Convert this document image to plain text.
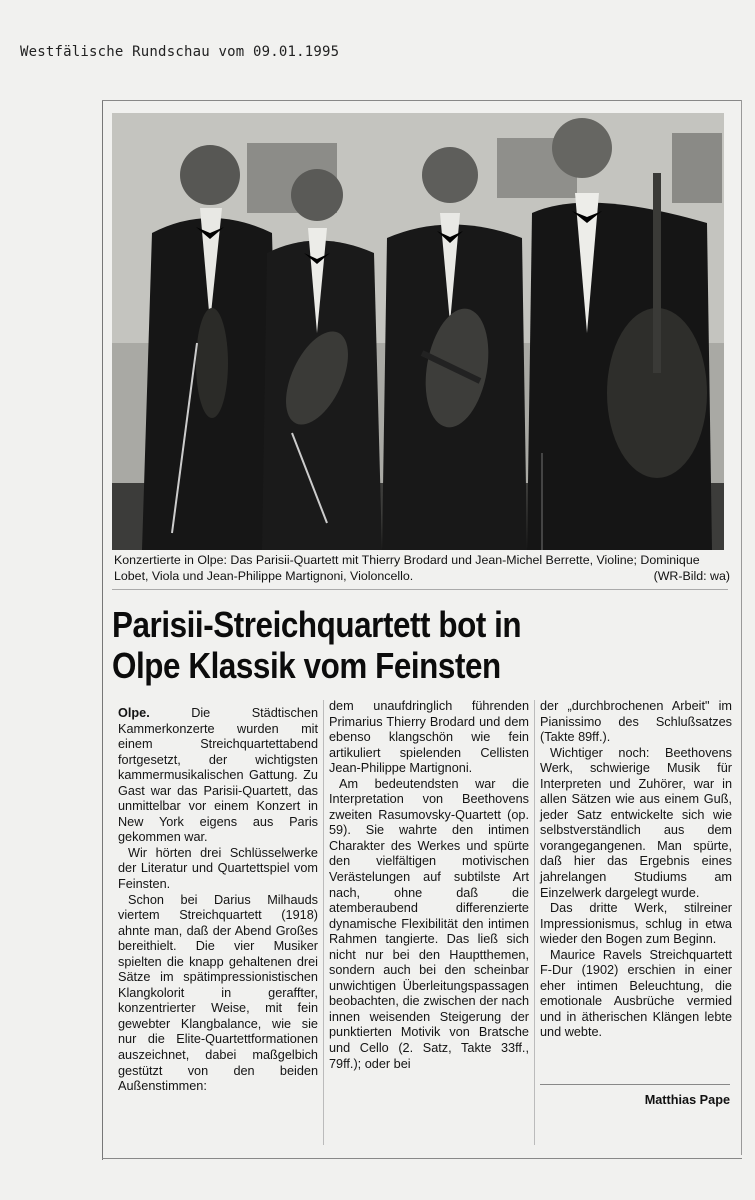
Westfälische Rundschau vom 09.01.1995
Konzertierte in Olpe: Das Parisii-Quartett mit Thierry Brodard und Jean-Michel Berrette, Violine; Dominique Lobet, Viola und Jean-Philippe Martignoni, Violoncello.	(WR-Bild: wa)
Parisii-Streichquartett bot in
Olpe Klassik vom Feinsten

Olpe.	Die Städtischen Kammerkonzerte wurden mit einem Streichquartettabend fortgesetzt, der wichtigsten kammermusikalischen Gattung. Zu Gast war das Parisii-Quartett, das unmittelbar vor einem Konzert in New York eigens aus Paris gekommen war.

Wir hörten drei Schlüsselwerke der Literatur und Quartettspiel vom Feinsten.

Schon bei Darius Milhauds viertem Streichquartett (1918) ahnte man, daß der Abend Großes bereithielt. Die vier Musiker spielten die knapp gehaltenen drei Sätze im spätimpressionistischen Klangkolorit in geraffter, konzentrierter Weise, mit fein gewebter Klangbalance, wie sie nur die Elite-Quartettformationen auszeichnet, dabei maßgelbich gestützt von den beiden Außenstimmen:

dem unaufdringlich führenden Primarius Thierry Brodard und dem ebenso klangschön wie fein artikuliert spielenden Cellisten Jean-Philippe Martignoni.

Am bedeutendsten war die Interpretation von Beethovens zweiten Rasumovsky-Quartett (op. 59). Sie wahrte den intimen Charakter des Werkes und spürte den vielfältigen motivischen Verästelungen auf subtilste Art nach, ohne daß die atemberaubend differenzierte dynamische Flexibilität den intimen Rahmen tangierte. Das ließ sich nicht nur bei den Hauptthemen, sondern auch bei den scheinbar unwichtigen Überleitungspassagen beobachten, die zwischen der nach innen weisenden Steigerung der punktierten Motivik von Bratsche und Cello (2. Satz, Takte 33ff., 79ff.); oder bei

der „durchbrochenen Arbeit" im Pianissimo des Schlußsatzes (Takte 89ff.).

Wichtiger noch: Beethovens Werk, schwierige Musik für Interpreten und Zuhörer, war in allen Sätzen wie aus einem Guß, jeder Satz entwickelte sich wie selbstverständlich aus dem vorangegangenen. Man spürte, daß hier das Ergebnis eines jahrelangen Studiums am Einzelwerk dargelegt wurde.

Das dritte Werk, stilreiner Impressionismus, schlug in etwa wieder den Bogen zum Beginn.

Maurice Ravels Streichquartett F-Dur (1902) erschien in einer eher intimen Beleuchtung, die emotionale Ausbrüche vermied und in ätherischen Klängen lebte und webte.

Matthias Pape
